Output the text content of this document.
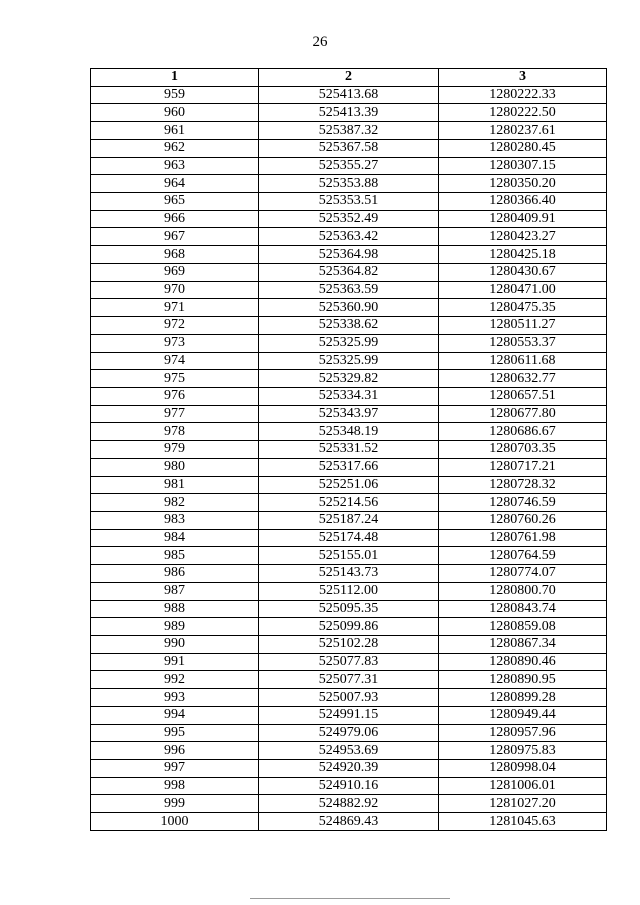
26
1	2	3
959	525413.68	1280222.33
960	525413.39	1280222.50
961	525387.32	1280237.61
962	525367.58	1280280.45
963	525355.27	1280307.15
964	525353.88	1280350.20
965	525353.51	1280366.40
966	525352.49	1280409.91
967	525363.42	1280423.27
968	525364.98	1280425.18
969	525364.82	1280430.67
970	525363.59	1280471.00
971	525360.90	1280475.35
972	525338.62	1280511.27
973	525325.99	1280553.37
974	525325.99	1280611.68
975	525329.82	1280632.77
976	525334.31	1280657.51
977	525343.97	1280677.80
978	525348.19	1280686.67
979	525331.52	1280703.35
980	525317.66	1280717.21
981	525251.06	1280728.32
982	525214.56	1280746.59
983	525187.24	1280760.26
984	525174.48	1280761.98
985	525155.01	1280764.59
986	525143.73	1280774.07
987	525112.00	1280800.70
988	525095.35	1280843.74
989	525099.86	1280859.08
990	525102.28	1280867.34
991	525077.83	1280890.46
992	525077.31	1280890.95
993	525007.93	1280899.28
994	524991.15	1280949.44
995	524979.06	1280957.96
996	524953.69	1280975.83
997	524920.39	1280998.04
998	524910.16	1281006.01
999	524882.92	1281027.20
1000	524869.43	1281045.63
